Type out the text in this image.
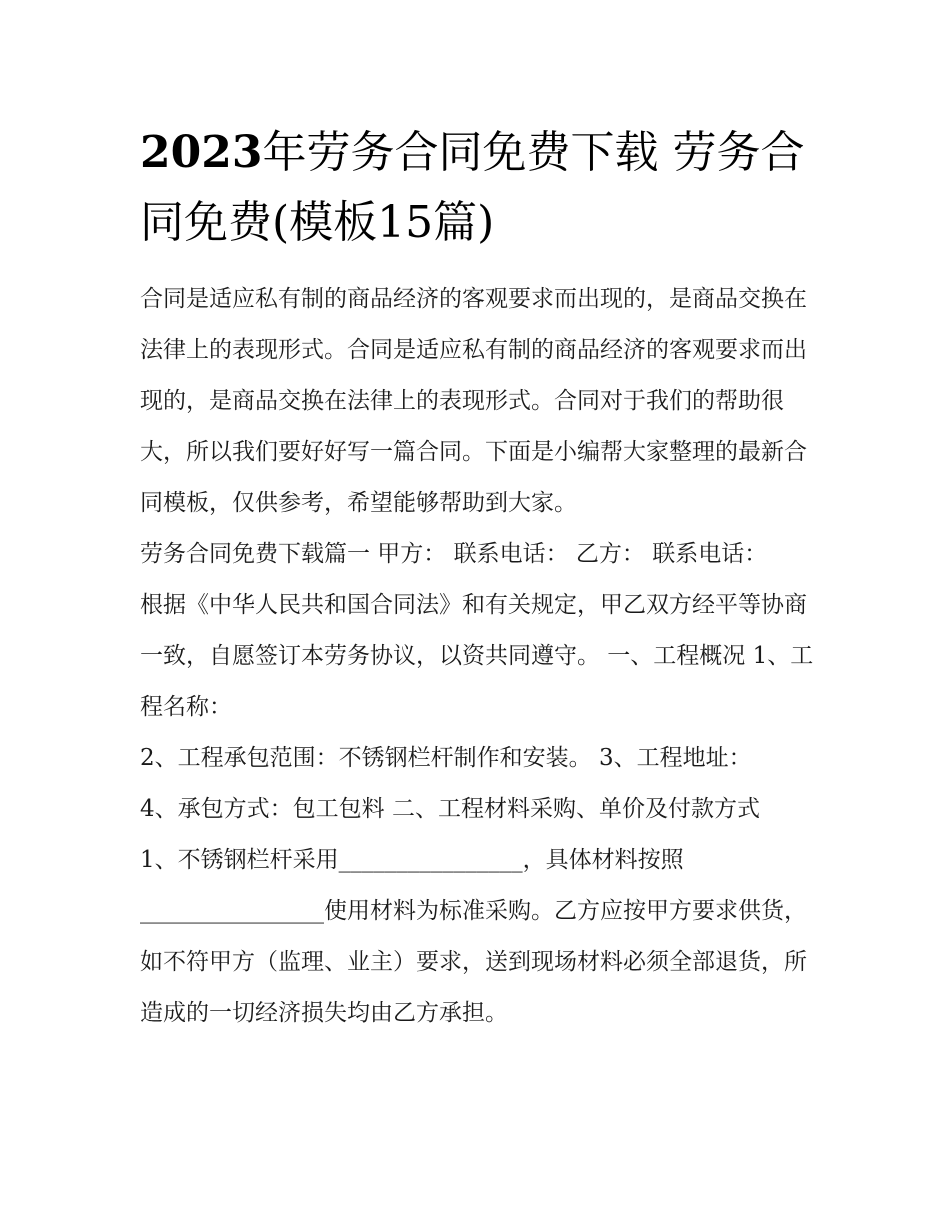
2023年劳务合同免费下载 劳务合同免费(模板15篇)

合同是适应私有制的商品经济的客观要求而出现的，是商品交换在法律上的表现形式。合同是适应私有制的商品经济的客观要求而出现的，是商品交换在法律上的表现形式。合同对于我们的帮助很大，所以我们要好好写一篇合同。下面是小编帮大家整理的最新合同模板，仅供参考，希望能够帮助到大家。

劳务合同免费下载篇一 甲方： 联系电话： 乙方： 联系电话：

根据《中华人民共和国合同法》和有关规定，甲乙双方经平等协商一致，自愿签订本劳务协议，以资共同遵守。 一、工程概况 1、工程名称：

2、工程承包范围：不锈钢栏杆制作和安装。 3、工程地址：

4、承包方式：包工包料 二、工程材料采购、单价及付款方式

1、不锈钢栏杆采用________________，具体材料按照________________使用材料为标准采购。乙方应按甲方要求供货，如不符甲方（监理、业主）要求，送到现场材料必须全部退货，所造成的一切经济损失均由乙方承担。
